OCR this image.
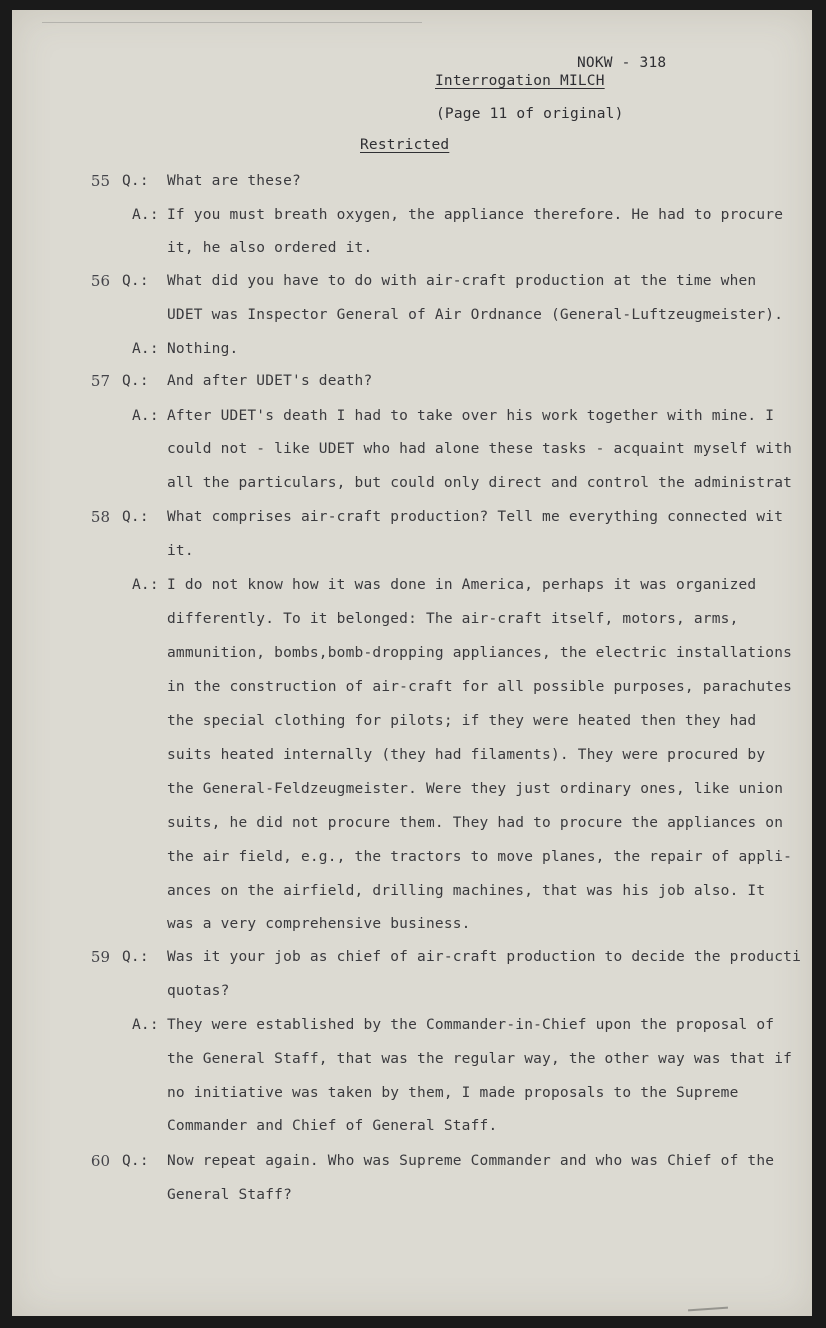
NOKW - 318
Interrogation MILCH
(Page 11 of original)
Restricted
55 Q.: What are these?
A.: If you must breath oxygen, the appliance therefore. He had to procure
it, he also ordered it.
56 Q.: What did you have to do with air-craft production at the time when
UDET was Inspector General of Air Ordnance (General-Luftzeugmeister).
A.: Nothing.
57 Q.: And after UDET's death?
A.: After UDET's death I had to take over his work together with mine. I
could not - like UDET who had alone these tasks - acquaint myself with
all the particulars, but could only direct and control the administrat
58 Q.: What comprises air-craft production? Tell me everything connected wit
it.
A.: I do not know how it was done in America, perhaps it was organized
differently. To it belonged: The air-craft itself, motors, arms,
ammunition, bombs,bomb-dropping appliances, the electric installations
in the construction of air-craft for all possible purposes, parachutes
the special clothing for pilots; if they were heated then they had
suits heated internally (they had filaments). They were procured by
the General-Feldzeugmeister. Were they just ordinary ones, like union
suits, he did not procure them. They had to procure the appliances on
the air field, e.g., the tractors to move planes, the repair of appli-
ances on the airfield, drilling machines, that was his job also. It
was a very comprehensive business.
59 Q.: Was it your job as chief of air-craft production to decide the producti
quotas?
A.: They were established by the Commander-in-Chief upon the proposal of
the General Staff, that was the regular way, the other way was that if
no initiative was taken by them, I made proposals to the Supreme
Commander and Chief of General Staff.
60 Q.: Now repeat again. Who was Supreme Commander and who was Chief of the
General Staff?
